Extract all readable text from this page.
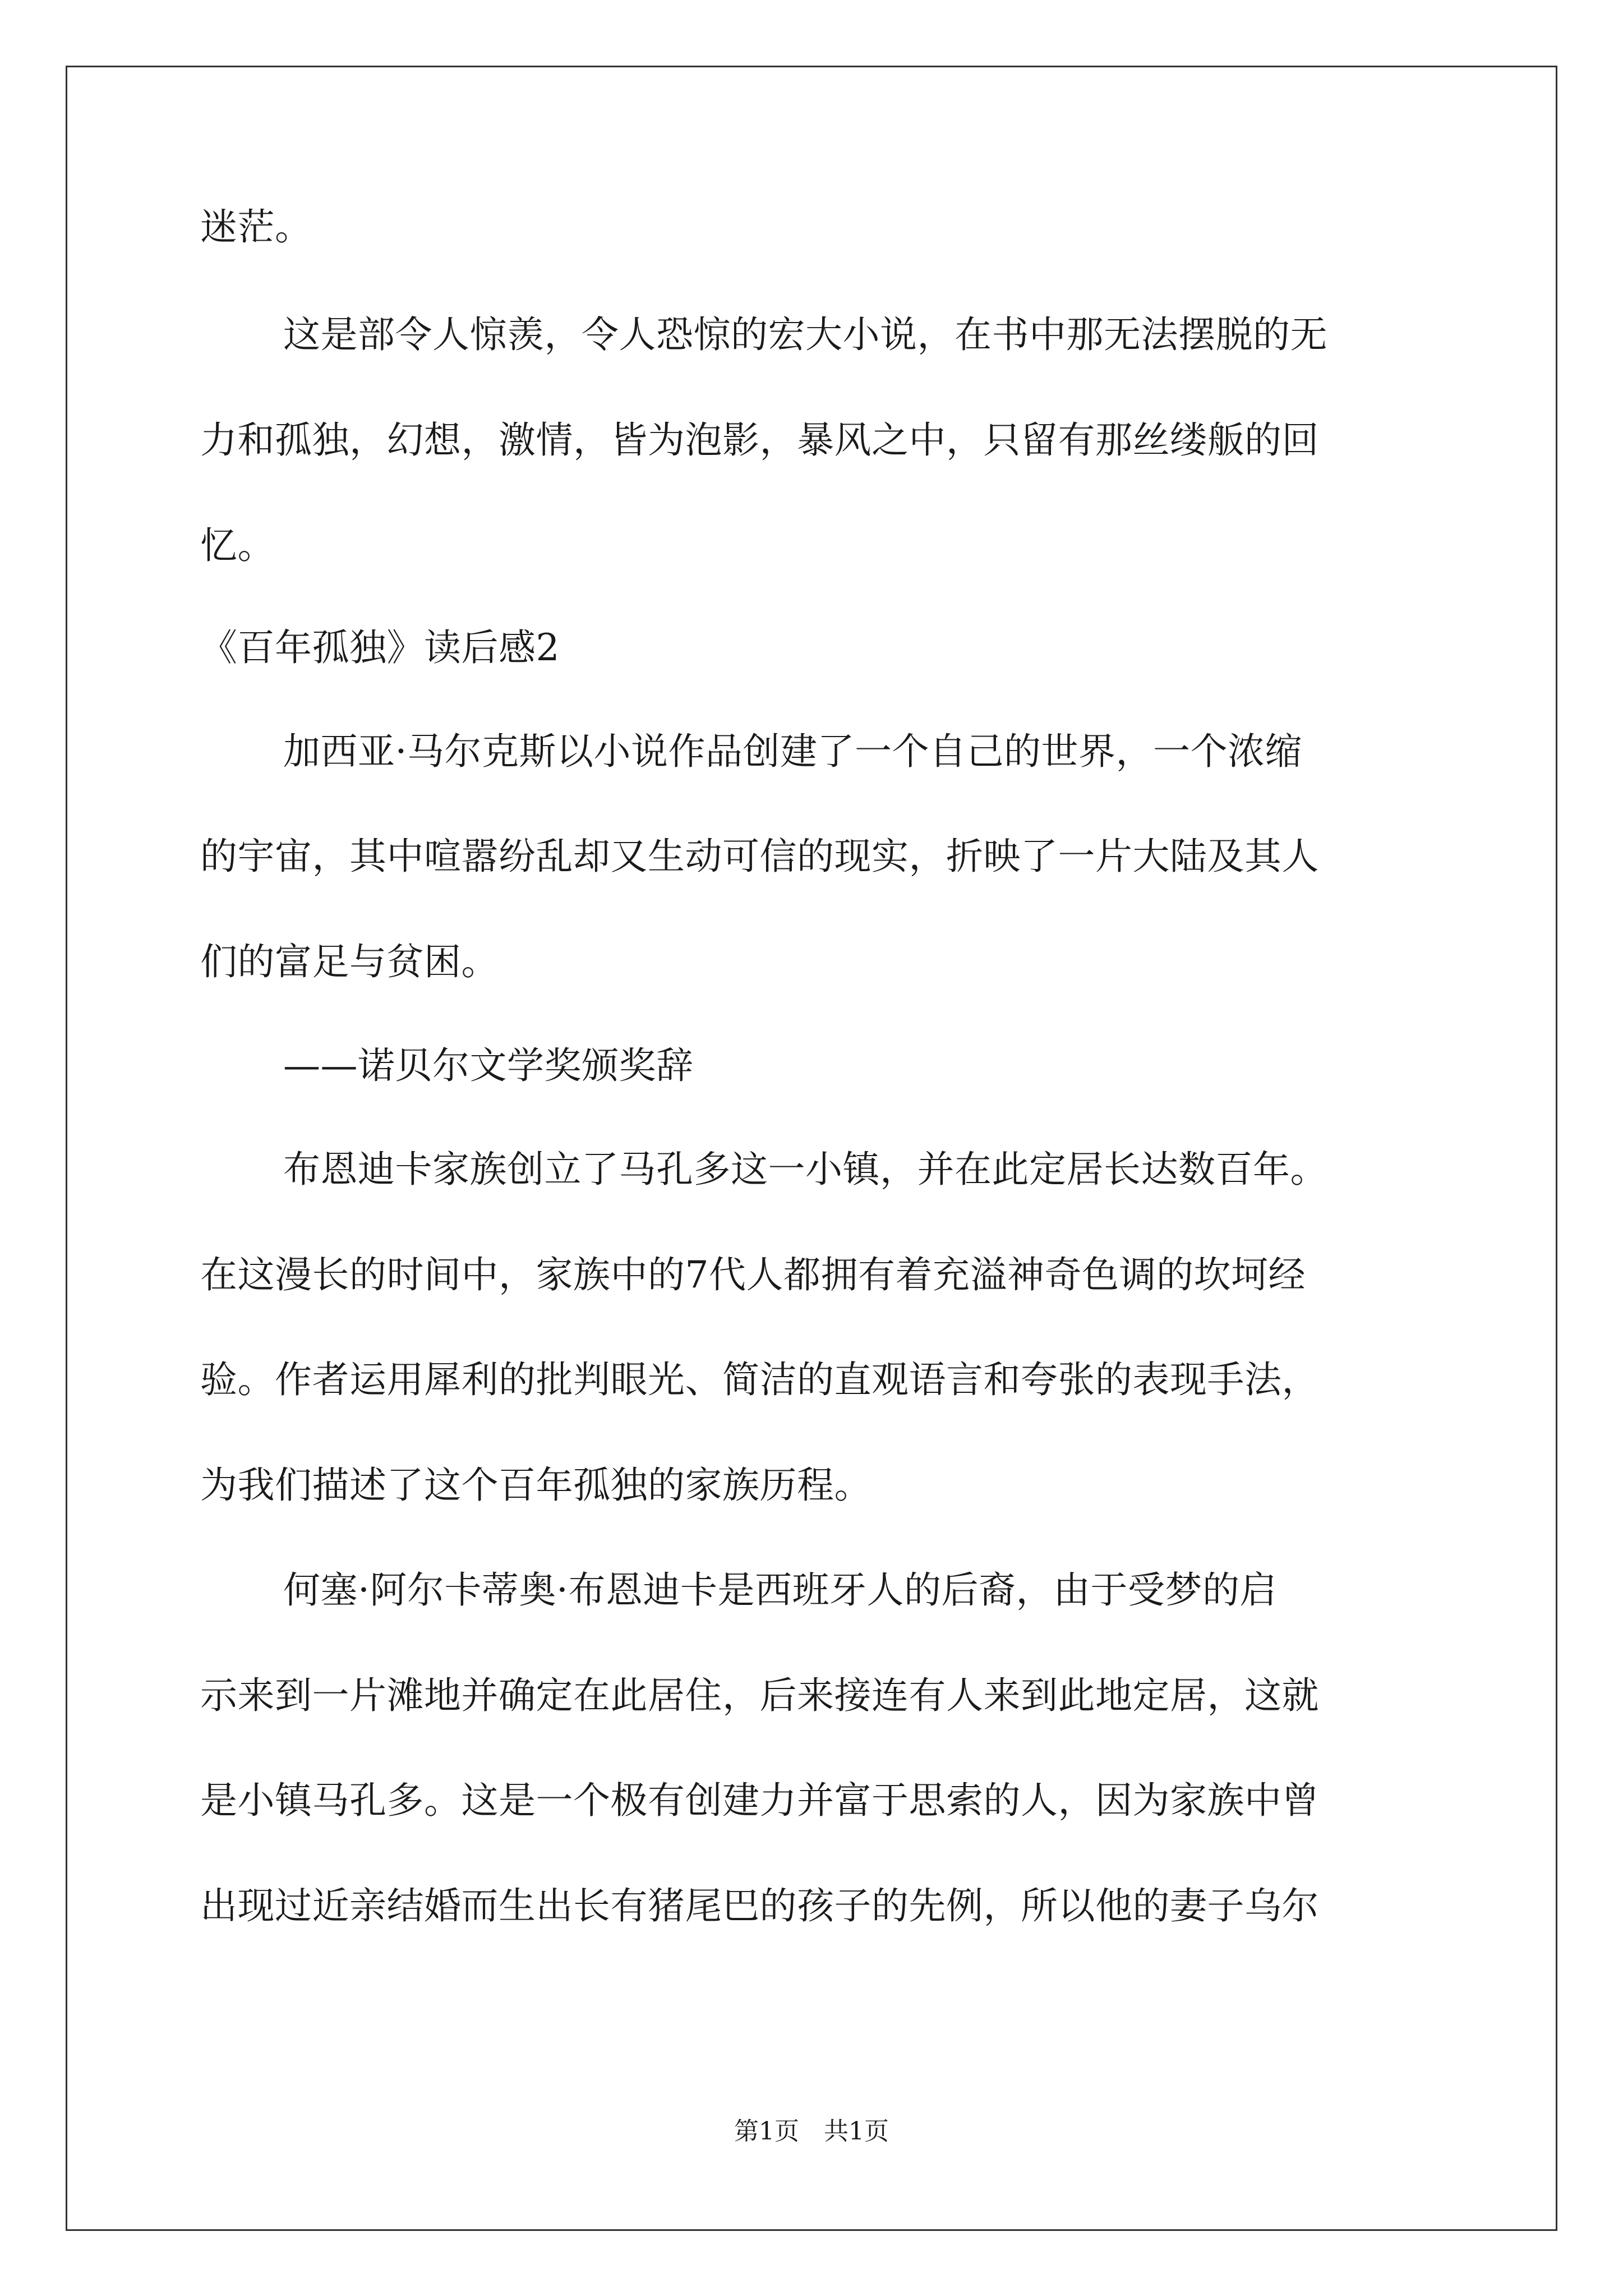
迷茫。
这是部令人惊羡，令人恐惊的宏大小说，在书中那无法摆脱的无
力和孤独，幻想，激情，皆为泡影，暴风之中，只留有那丝缕舨的回
忆。
《百年孤独》读后感2
加西亚·马尔克斯以小说作品创建了一个自己的世界，一个浓缩
的宇宙，其中喧嚣纷乱却又生动可信的现实，折映了一片大陆及其人
们的富足与贫困。
——诺贝尔文学奖颁奖辞
布恩迪卡家族创立了马孔多这一小镇，并在此定居长达数百年。
在这漫长的时间中，家族中的7代人都拥有着充溢神奇色调的坎坷经
验。作者运用犀利的批判眼光、简洁的直观语言和夸张的表现手法，
为我们描述了这个百年孤独的家族历程。
何塞·阿尔卡蒂奥·布恩迪卡是西班牙人的后裔，由于受梦的启
示来到一片滩地并确定在此居住，后来接连有人来到此地定居，这就
是小镇马孔多。这是一个极有创建力并富于思索的人，因为家族中曾
出现过近亲结婚而生出长有猪尾巴的孩子的先例，所以他的妻子乌尔
第1页　共1页
